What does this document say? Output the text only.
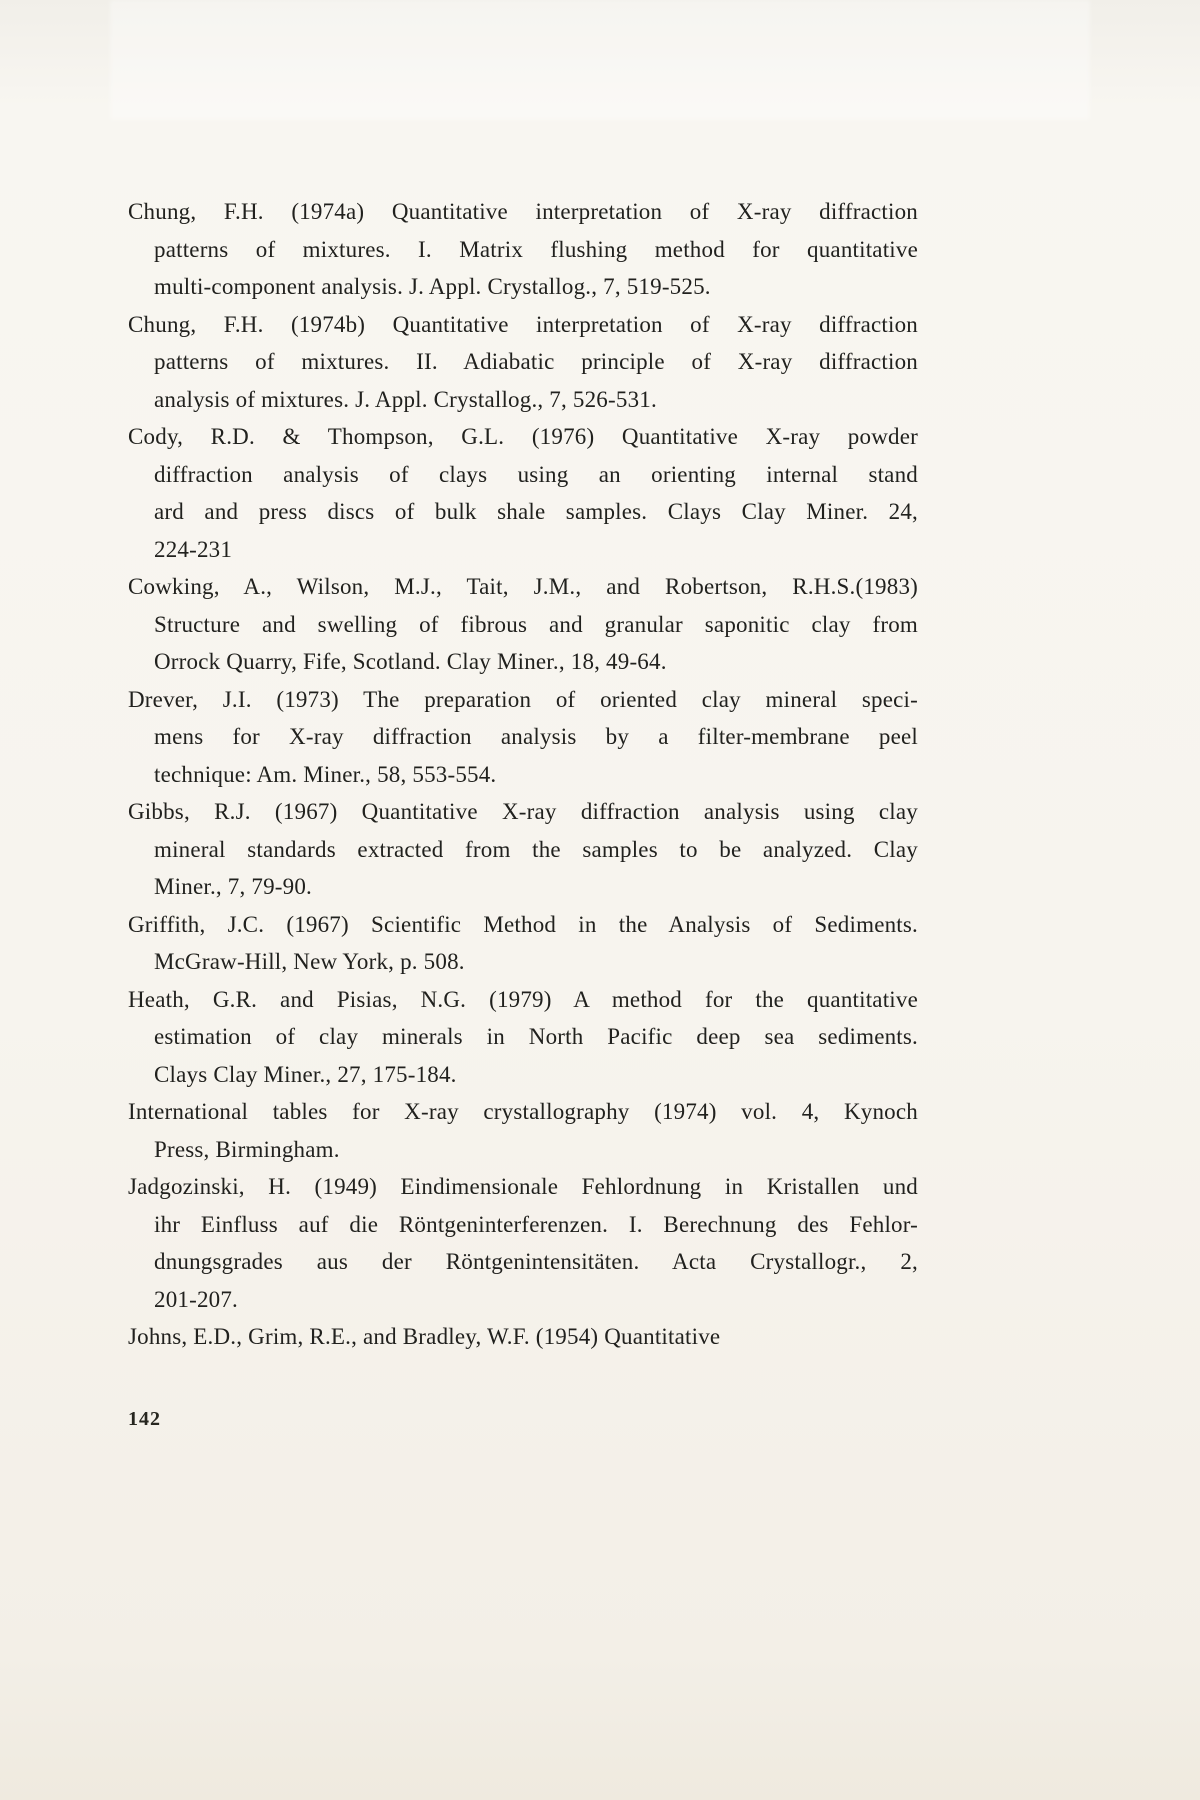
Chung, F.H. (1974a) Quantitative interpretation of X-ray diffraction
patterns of mixtures. I. Matrix flushing method for quantitative
multi-component analysis. J. Appl. Crystallog., 7, 519-525.
Chung, F.H. (1974b) Quantitative interpretation of X-ray diffraction
patterns of mixtures. II. Adiabatic principle of X-ray diffraction
analysis of mixtures. J. Appl. Crystallog., 7, 526-531.
Cody, R.D. & Thompson, G.L. (1976) Quantitative X-ray powder
diffraction analysis of clays using an orienting internal stand
ard and press discs of bulk shale samples. Clays Clay Miner. 24,
224-231
Cowking, A., Wilson, M.J., Tait, J.M., and Robertson, R.H.S.(1983)
Structure and swelling of fibrous and granular saponitic clay from
Orrock Quarry, Fife, Scotland. Clay Miner., 18, 49-64.
Drever, J.I. (1973) The preparation of oriented clay mineral speci-
mens for X-ray diffraction analysis by a filter-membrane peel
technique: Am. Miner., 58, 553-554.
Gibbs, R.J. (1967) Quantitative X-ray diffraction analysis using clay
mineral standards extracted from the samples to be analyzed. Clay
Miner., 7, 79-90.
Griffith, J.C. (1967) Scientific Method in the Analysis of Sediments.
McGraw-Hill, New York, p. 508.
Heath, G.R. and Pisias, N.G. (1979) A method for the quantitative
estimation of clay minerals in North Pacific deep sea sediments.
Clays Clay Miner., 27, 175-184.
International tables for X-ray crystallography (1974) vol. 4, Kynoch
Press, Birmingham.
Jadgozinski, H. (1949) Eindimensionale Fehlordnung in Kristallen und
ihr Einfluss auf die Röntgeninterferenzen. I. Berechnung des Fehlor-
dnungsgrades aus der Röntgenintensitäten. Acta Crystallogr., 2,
201-207.
Johns, E.D., Grim, R.E., and Bradley, W.F. (1954) Quantitative
142
